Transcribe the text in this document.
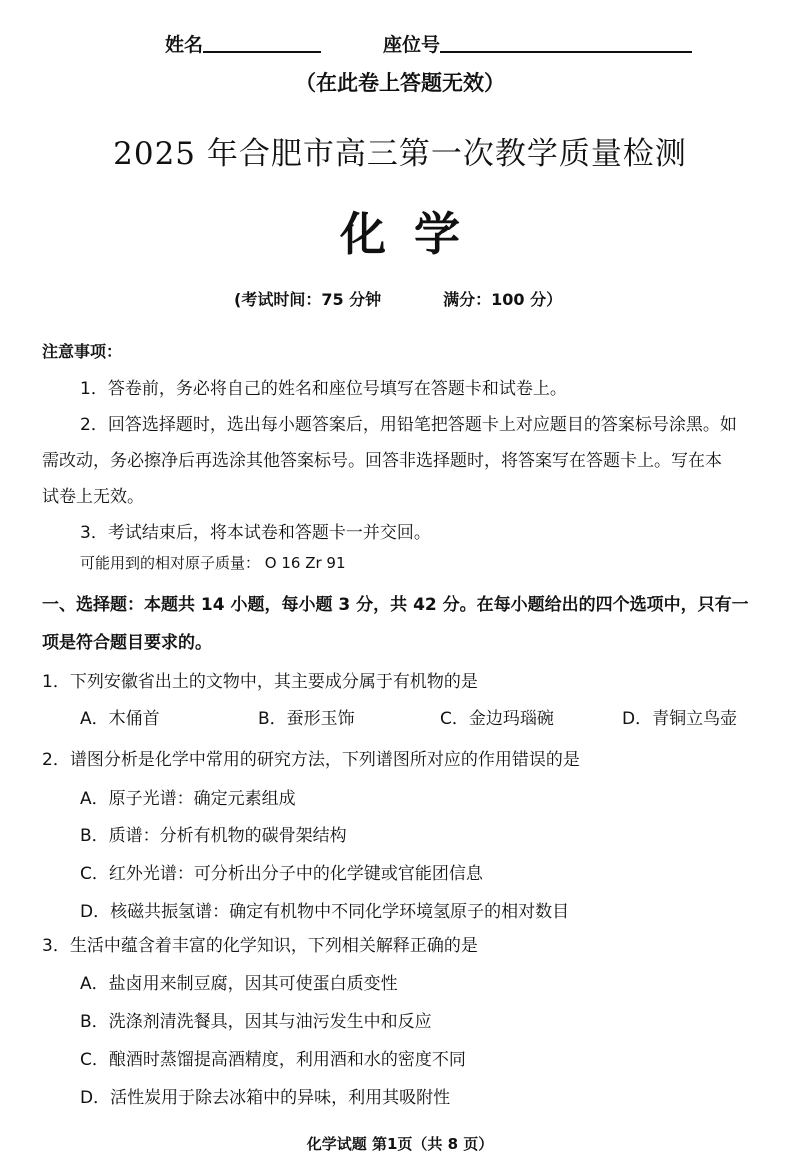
姓名	座位号
（在此卷上答题无效）
2025 年合肥市高三第一次教学质量检测
化学
(考试时间：75 分钟	满分：100 分）
注意事项：
1．答卷前，务必将自己的姓名和座位号填写在答题卡和试卷上。
2．回答选择题时，选出每小题答案后，用铅笔把答题卡上对应题目的答案标号涂黑。如
需改动，务必擦净后再选涂其他答案标号。回答非选择题时，将答案写在答题卡上。写在本
试卷上无效。
3．考试结束后，将本试卷和答题卡一并交回。
可能用到的相对原子质量： O 16 Zr 91
一、选择题：本题共 14 小题，每小题 3 分，共 42 分。在每小题给出的四个选项中，只有一
项是符合题目要求的。
1．下列安徽省出土的文物中，其主要成分属于有机物的是
A．木俑首	B．蚕形玉饰	C．金边玛瑙碗	D．青铜立鸟壶
2．谱图分析是化学中常用的研究方法，下列谱图所对应的作用错误的是
A．原子光谱：确定元素组成
B．质谱：分析有机物的碳骨架结构
C．红外光谱：可分析出分子中的化学键或官能团信息
D．核磁共振氢谱：确定有机物中不同化学环境氢原子的相对数目
3．生活中蕴含着丰富的化学知识，下列相关解释正确的是
A．盐卤用来制豆腐，因其可使蛋白质变性
B．洗涤剂清洗餐具，因其与油污发生中和反应
C．酿酒时蒸馏提高酒精度，利用酒和水的密度不同
D．活性炭用于除去冰箱中的异味，利用其吸附性
化学试题 第1页（共 8 页）
